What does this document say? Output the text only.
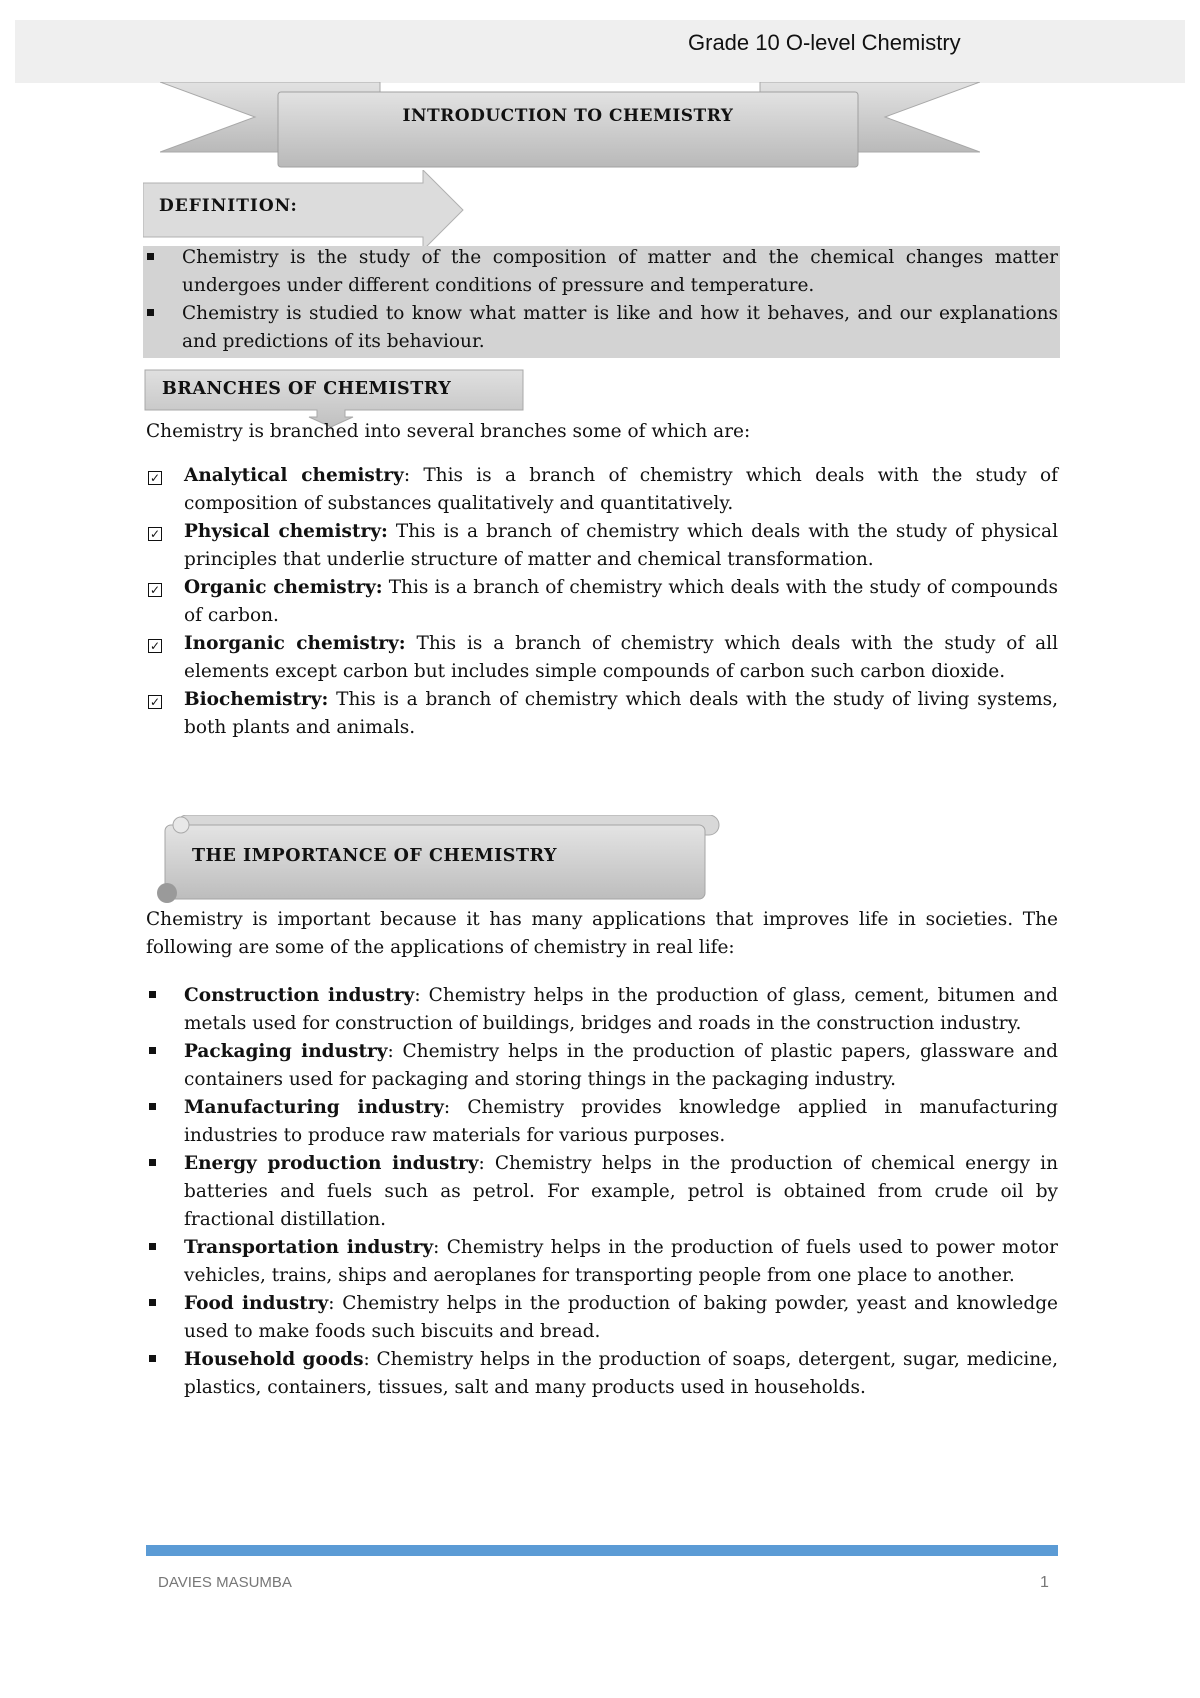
Grade 10 O-level Chemistry
INTRODUCTION TO CHEMISTRY
DEFINITION:
Chemistry is the study of the composition of matter and the chemical changes matter undergoes under different conditions of pressure and temperature.
Chemistry is studied to know what matter is like and how it behaves, and our explanations and predictions of its behaviour.
BRANCHES OF CHEMISTRY
Chemistry is branched into several branches some of which are:
✓	Analytical chemistry: This is a branch of chemistry which deals with the study of composition of substances qualitatively and quantitatively.
✓	Physical chemistry: This is a branch of chemistry which deals with the study of physical principles that underlie structure of matter and chemical transformation.
✓	Organic chemistry: This is a branch of chemistry which deals with the study of compounds of carbon.
✓	Inorganic chemistry: This is a branch of chemistry which deals with the study of all elements except carbon but includes simple compounds of carbon such carbon dioxide.
✓	Biochemistry: This is a branch of chemistry which deals with the study of living systems, both plants and animals.
THE IMPORTANCE OF CHEMISTRY
Chemistry is important because it has many applications that improves life in societies. The following are some of the applications of chemistry in real life:
Construction industry: Chemistry helps in the production of glass, cement, bitumen and metals used for construction of buildings, bridges and roads in the construction industry.
Packaging industry: Chemistry helps in the production of plastic papers, glassware and containers used for packaging and storing things in the packaging industry.
Manufacturing industry: Chemistry provides knowledge applied in manufacturing industries to produce raw materials for various purposes.
Energy production industry: Chemistry helps in the production of chemical energy in batteries and fuels such as petrol. For example, petrol is obtained from crude oil by fractional distillation.
Transportation industry: Chemistry helps in the production of fuels used to power motor vehicles, trains, ships and aeroplanes for transporting people from one place to another.
Food industry: Chemistry helps in the production of baking powder, yeast and knowledge used to make foods such biscuits and bread.
Household goods: Chemistry helps in the production of soaps, detergent, sugar, medicine, plastics, containers, tissues, salt and many products used in households.
DAVIES MASUMBA	1
